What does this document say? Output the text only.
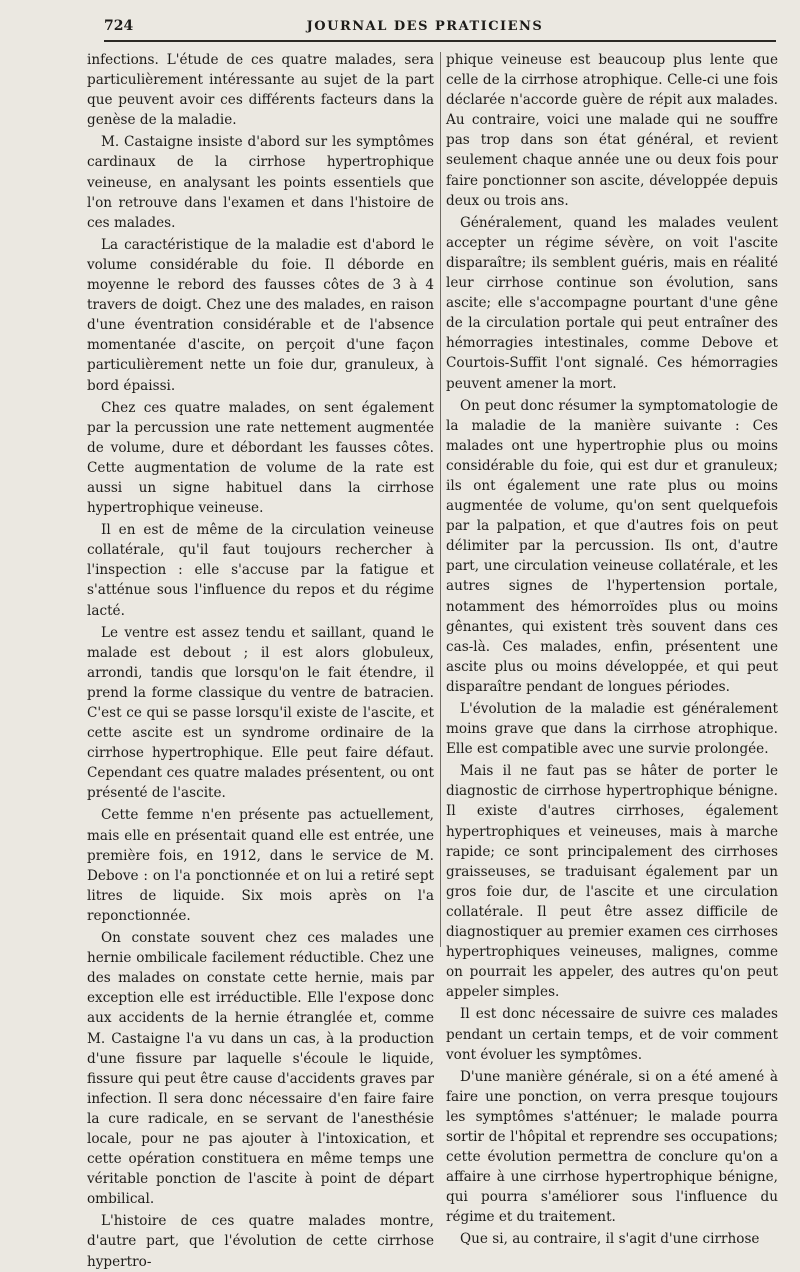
724	JOURNAL DES PRATICIENS

infections. L'étude de ces quatre malades, sera particulièrement intéressante au sujet de la part que peuvent avoir ces différents facteurs dans la genèse de la maladie.

M. Castaigne insiste d'abord sur les symptômes cardinaux de la cirrhose hypertrophique veineuse, en analysant les points essentiels que l'on retrouve dans l'examen et dans l'histoire de ces malades.

La caractéristique de la maladie est d'abord le volume considérable du foie. Il déborde en moyenne le rebord des fausses côtes de 3 à 4 travers de doigt. Chez une des malades, en raison d'une éventration considérable et de l'absence momentanée d'ascite, on perçoit d'une façon particulièrement nette un foie dur, granuleux, à bord épaissi.

Chez ces quatre malades, on sent également par la percussion une rate nettement augmentée de volume, dure et débordant les fausses côtes. Cette augmentation de volume de la rate est aussi un signe habituel dans la cirrhose hypertrophique veineuse.

Il en est de même de la circulation veineuse collatérale, qu'il faut toujours rechercher à l'inspection : elle s'accuse par la fatigue et s'atténue sous l'influence du repos et du régime lacté.

Le ventre est assez tendu et saillant, quand le malade est debout ; il est alors globuleux, arrondi, tandis que lorsqu'on le fait étendre, il prend la forme classique du ventre de batracien. C'est ce qui se passe lorsqu'il existe de l'ascite, et cette ascite est un syndrome ordinaire de la cirrhose hypertrophique. Elle peut faire défaut. Cependant ces quatre malades présentent, ou ont présenté de l'ascite.

Cette femme n'en présente pas actuellement, mais elle en présentait quand elle est entrée, une première fois, en 1912, dans le service de M. Debove : on l'a ponctionnée et on lui a retiré sept litres de liquide. Six mois après on l'a reponctionnée.

On constate souvent chez ces malades une hernie ombilicale facilement réductible. Chez une des malades on constate cette hernie, mais par exception elle est irréductible. Elle l'expose donc aux accidents de la hernie étranglée et, comme M. Castaigne l'a vu dans un cas, à la production d'une fissure par laquelle s'écoule le liquide, fissure qui peut être cause d'accidents graves par infection. Il sera donc nécessaire d'en faire faire la cure radicale, en se servant de l'anesthésie locale, pour ne pas ajouter à l'intoxication, et cette opération constituera en même temps une véritable ponction de l'ascite à point de départ ombilical.

L'histoire de ces quatre malades montre, d'autre part, que l'évolution de cette cirrhose hypertro-

phique veineuse est beaucoup plus lente que celle de la cirrhose atrophique. Celle-ci une fois déclarée n'accorde guère de répit aux malades. Au contraire, voici une malade qui ne souffre pas trop dans son état général, et revient seulement chaque année une ou deux fois pour faire ponctionner son ascite, développée depuis deux ou trois ans.

Généralement, quand les malades veulent accepter un régime sévère, on voit l'ascite disparaître; ils semblent guéris, mais en réalité leur cirrhose continue son évolution, sans ascite; elle s'accompagne pourtant d'une gêne de la circulation portale qui peut entraîner des hémorragies intestinales, comme Debove et Courtois-Suffit l'ont signalé. Ces hémorragies peuvent amener la mort.

On peut donc résumer la symptomatologie de la maladie de la manière suivante : Ces malades ont une hypertrophie plus ou moins considérable du foie, qui est dur et granuleux; ils ont également une rate plus ou moins augmentée de volume, qu'on sent quelquefois par la palpation, et que d'autres fois on peut délimiter par la percussion. Ils ont, d'autre part, une circulation veineuse collatérale, et les autres signes de l'hypertension portale, notamment des hémorroïdes plus ou moins gênantes, qui existent très souvent dans ces cas-là. Ces malades, enfin, présentent une ascite plus ou moins développée, et qui peut disparaître pendant de longues périodes.

L'évolution de la maladie est généralement moins grave que dans la cirrhose atrophique. Elle est compatible avec une survie prolongée.

Mais il ne faut pas se hâter de porter le diagnostic de cirrhose hypertrophique bénigne. Il existe d'autres cirrhoses, également hypertrophiques et veineuses, mais à marche rapide; ce sont principalement des cirrhoses graisseuses, se traduisant également par un gros foie dur, de l'ascite et une circulation collatérale. Il peut être assez difficile de diagnostiquer au premier examen ces cirrhoses hypertrophiques veineuses, malignes, comme on pourrait les appeler, des autres qu'on peut appeler simples.

Il est donc nécessaire de suivre ces malades pendant un certain temps, et de voir comment vont évoluer les symptômes.

D'une manière générale, si on a été amené à faire une ponction, on verra presque toujours les symptômes s'atténuer; le malade pourra sortir de l'hôpital et reprendre ses occupations; cette évolution permettra de conclure qu'on a affaire à une cirrhose hypertrophique bénigne, qui pourra s'améliorer sous l'influence du régime et du traitement.

Que si, au contraire, il s'agit d'une cirrhose
